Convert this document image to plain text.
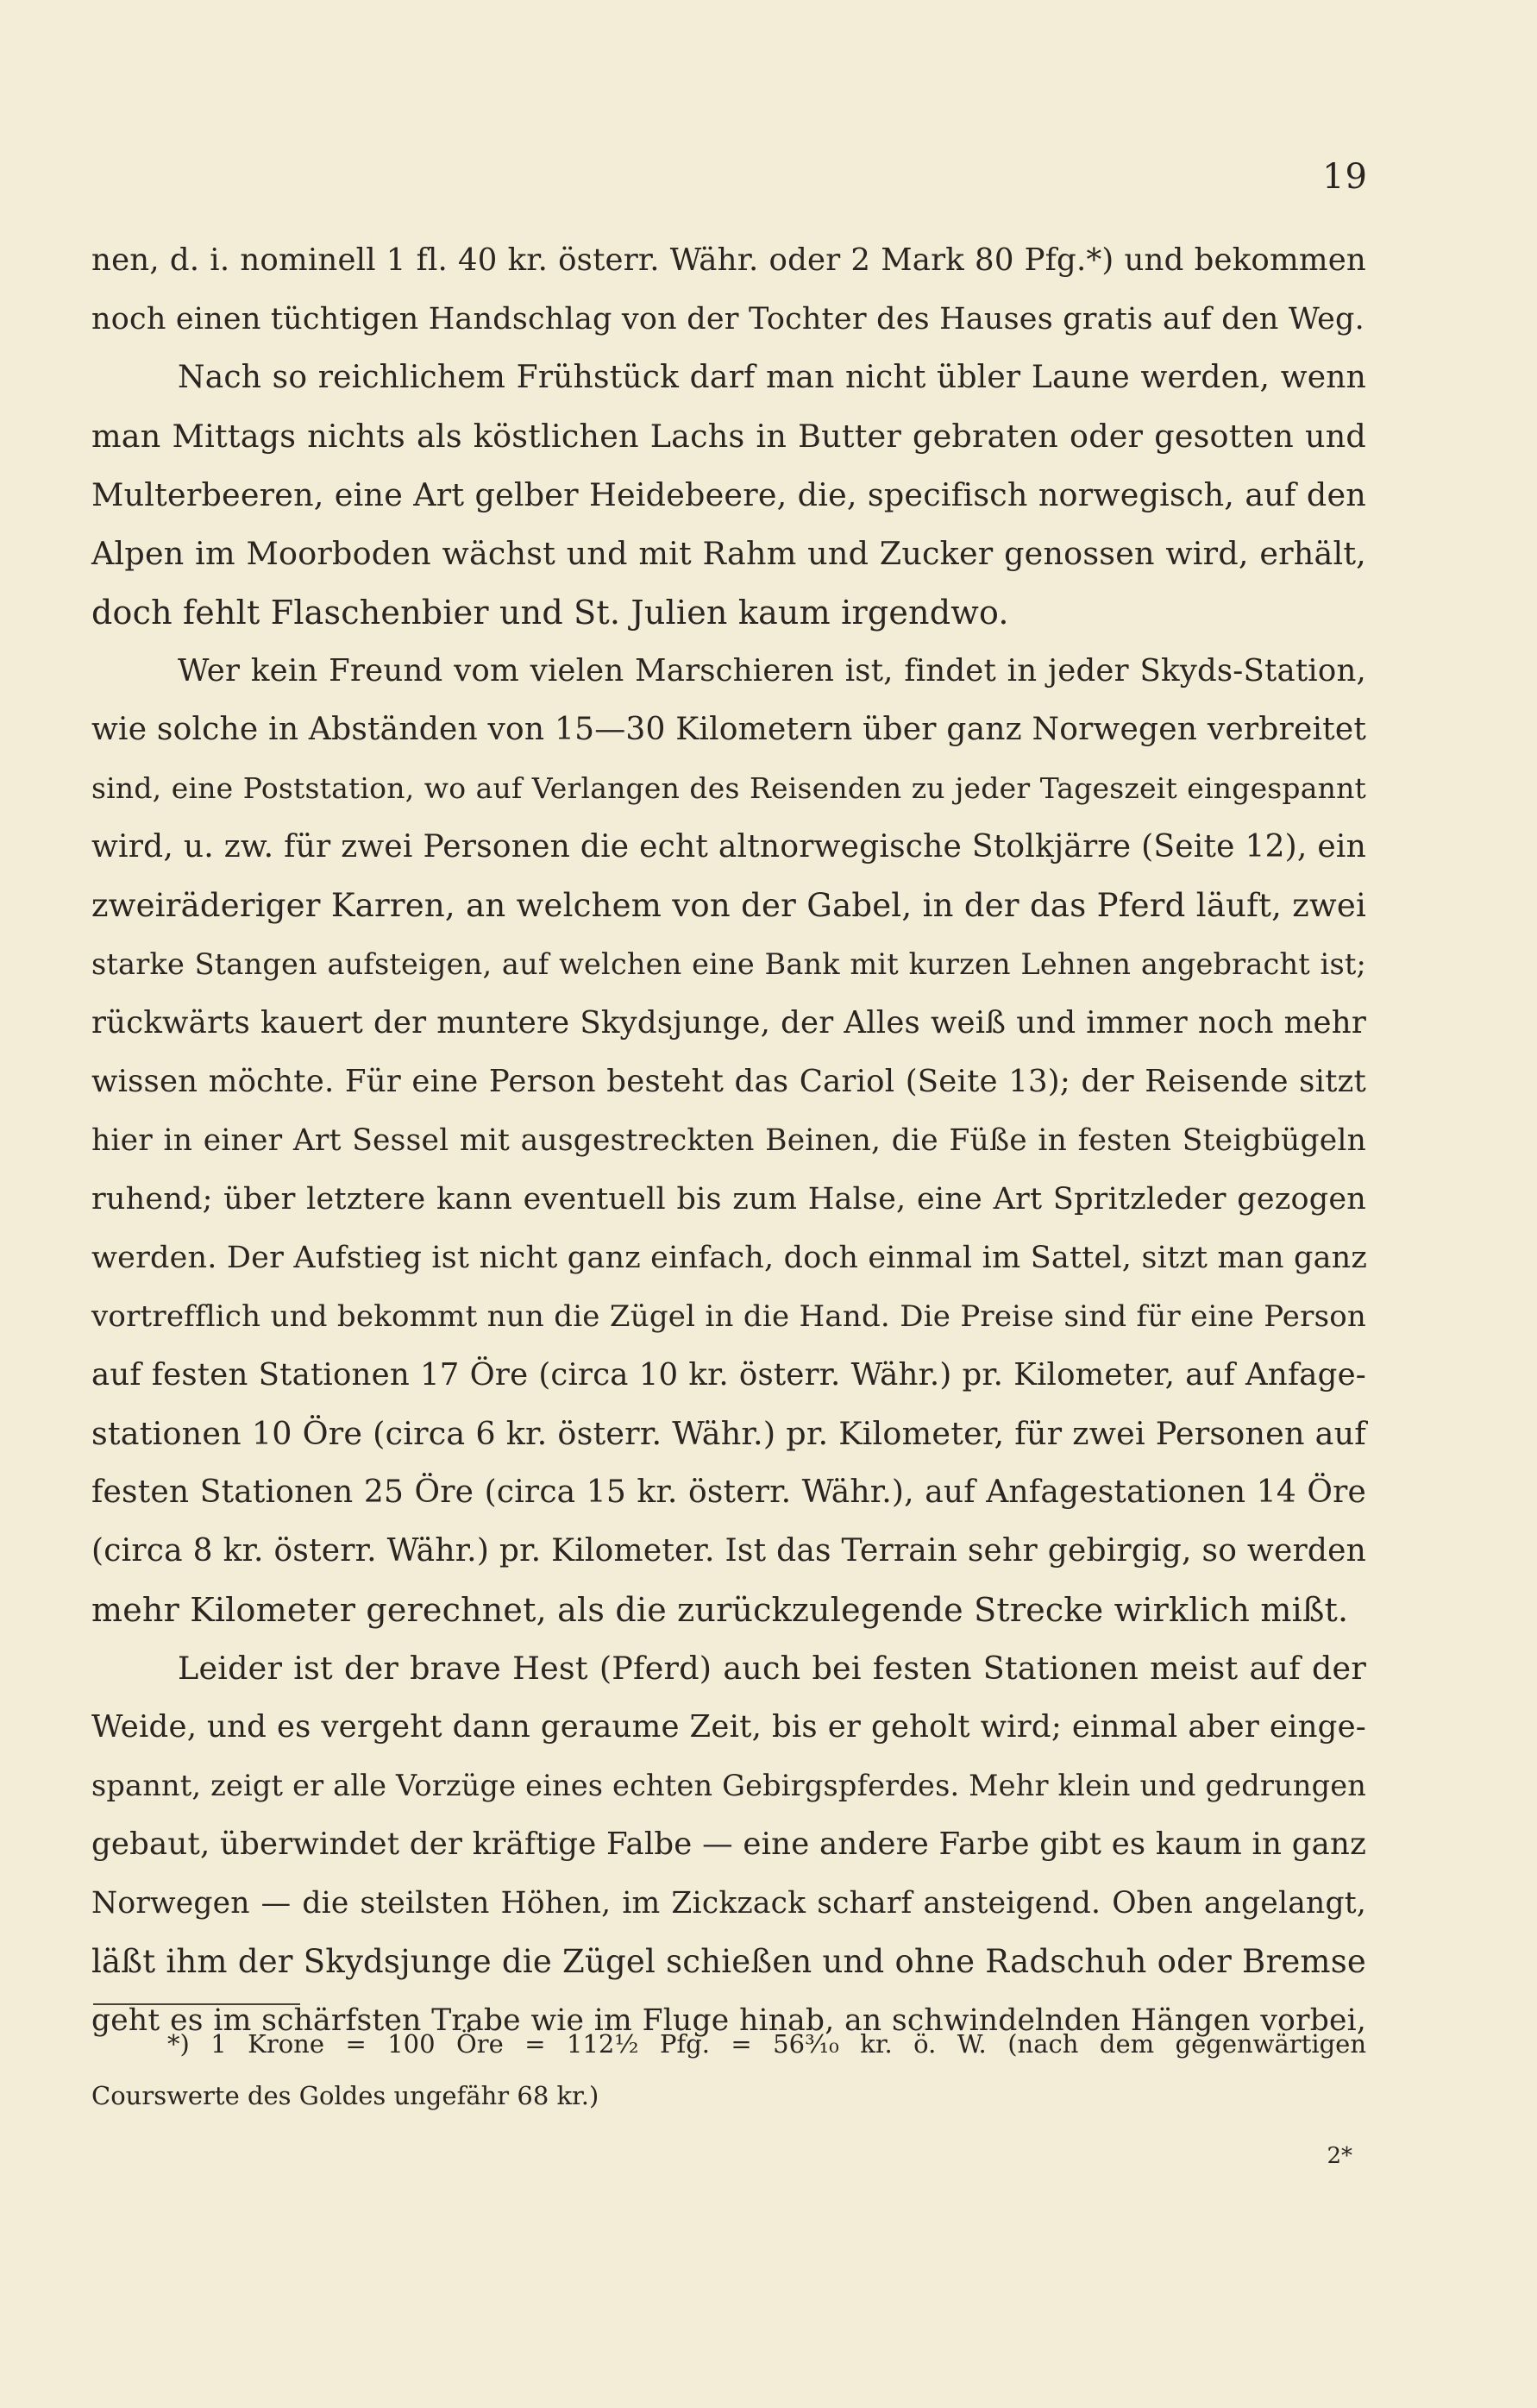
19
nen, d. i. nominell 1 fl. 40 kr. österr. Währ. oder 2 Mark 80 Pfg.*) und bekommen
noch einen tüchtigen Handschlag von der Tochter des Hauses gratis auf den Weg.
Nach so reichlichem Frühstück darf man nicht übler Laune werden, wenn
man Mittags nichts als köstlichen Lachs in Butter gebraten oder gesotten und
Multerbeeren, eine Art gelber Heidebeere, die, specifisch norwegisch, auf den
Alpen im Moorboden wächst und mit Rahm und Zucker genossen wird, erhält,
doch fehlt Flaschenbier und St. Julien kaum irgendwo.
Wer kein Freund vom vielen Marschieren ist, findet in jeder Skyds-Station,
wie solche in Abständen von 15—30 Kilometern über ganz Norwegen verbreitet
sind, eine Poststation, wo auf Verlangen des Reisenden zu jeder Tageszeit eingespannt
wird, u. zw. für zwei Personen die echt altnorwegische Stolkjärre (Seite 12), ein
zweiräderiger Karren, an welchem von der Gabel, in der das Pferd läuft, zwei
starke Stangen aufsteigen, auf welchen eine Bank mit kurzen Lehnen angebracht ist;
rückwärts kauert der muntere Skydsjunge, der Alles weiß und immer noch mehr
wissen möchte. Für eine Person besteht das Cariol (Seite 13); der Reisende sitzt
hier in einer Art Sessel mit ausgestreckten Beinen, die Füße in festen Steigbügeln
ruhend; über letztere kann eventuell bis zum Halse, eine Art Spritzleder gezogen
werden. Der Aufstieg ist nicht ganz einfach, doch einmal im Sattel, sitzt man ganz
vortrefflich und bekommt nun die Zügel in die Hand. Die Preise sind für eine Person
auf festen Stationen 17 Öre (circa 10 kr. österr. Währ.) pr. Kilometer, auf Anfage-
stationen 10 Öre (circa 6 kr. österr. Währ.) pr. Kilometer, für zwei Personen auf
festen Stationen 25 Öre (circa 15 kr. österr. Währ.), auf Anfagestationen 14 Öre
(circa 8 kr. österr. Währ.) pr. Kilometer. Ist das Terrain sehr gebirgig, so werden
mehr Kilometer gerechnet, als die zurückzulegende Strecke wirklich mißt.
Leider ist der brave Hest (Pferd) auch bei festen Stationen meist auf der
Weide, und es vergeht dann geraume Zeit, bis er geholt wird; einmal aber einge-
spannt, zeigt er alle Vorzüge eines echten Gebirgspferdes. Mehr klein und gedrungen
gebaut, überwindet der kräftige Falbe — eine andere Farbe gibt es kaum in ganz
Norwegen — die steilsten Höhen, im Zickzack scharf ansteigend. Oben angelangt,
läßt ihm der Skydsjunge die Zügel schießen und ohne Radschuh oder Bremse
geht es im schärfsten Trabe wie im Fluge hinab, an schwindelnden Hängen vorbei,
*) 1 Krone = 100 Öre = 112½ Pfg. = 56³⁄₁₀ kr. ö. W. (nach dem gegenwärtigen
Courswerte des Goldes ungefähr 68 kr.)
2*
